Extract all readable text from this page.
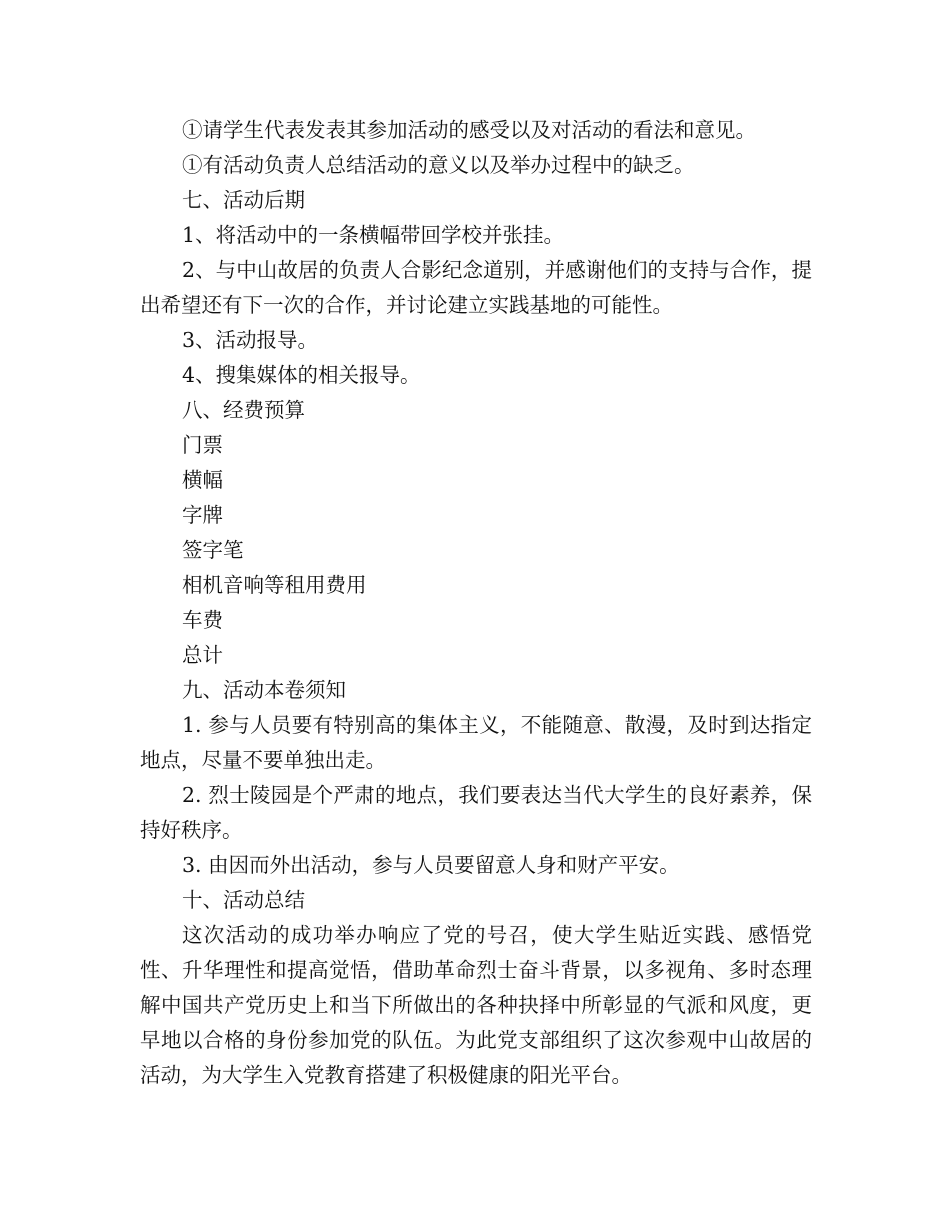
①请学生代表发表其参加活动的感受以及对活动的看法和意见。

①有活动负责人总结活动的意义以及举办过程中的缺乏。

七、活动后期

1、将活动中的一条横幅带回学校并张挂。

2、与中山故居的负责人合影纪念道别，并感谢他们的支持与合作，提出希望还有下一次的合作，并讨论建立实践基地的可能性。

3、活动报导。

4、搜集媒体的相关报导。

八、经费预算

门票

横幅

字牌

签字笔

相机音响等租用费用

车费

总计

九、活动本卷须知

1. 参与人员要有特别高的集体主义，不能随意、散漫，及时到达指定地点，尽量不要单独出走。

2. 烈士陵园是个严肃的地点，我们要表达当代大学生的良好素养，保持好秩序。

3. 由因而外出活动，参与人员要留意人身和财产平安。

十、活动总结

这次活动的成功举办响应了党的号召，使大学生贴近实践、感悟党性、升华理性和提高觉悟，借助革命烈士奋斗背景，以多视角、多时态理解中国共产党历史上和当下所做出的各种抉择中所彰显的气派和风度，更早地以合格的身份参加党的队伍。为此党支部组织了这次参观中山故居的活动，为大学生入党教育搭建了积极健康的阳光平台。
